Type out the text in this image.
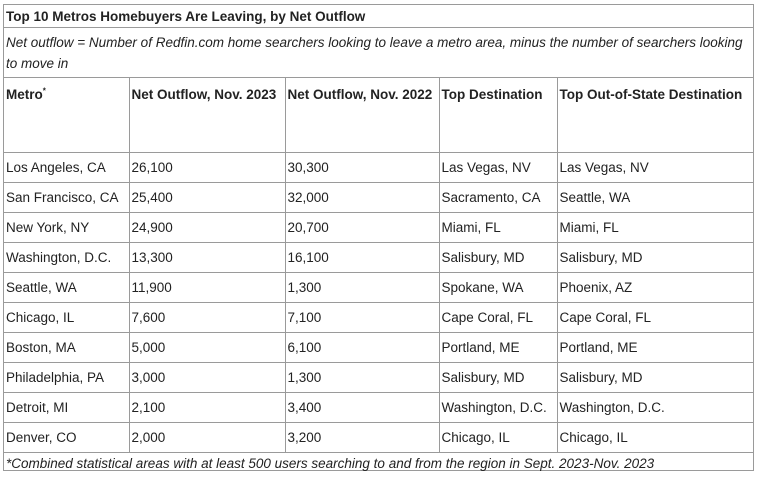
Top 10 Metros Homebuyers Are Leaving, by Net Outflow
Net outflow = Number of Redfin.com home searchers looking to leave a metro area, minus the number of searchers looking to move in
Metro*	Net Outflow, Nov. 2023	Net Outflow, Nov. 2022	Top Destination	Top Out-of-State Destination
Los Angeles, CA	26,100	30,300	Las Vegas, NV	Las Vegas, NV
San Francisco, CA	25,400	32,000	Sacramento, CA	Seattle, WA
New York, NY	24,900	20,700	Miami, FL	Miami, FL
Washington, D.C.	13,300	16,100	Salisbury, MD	Salisbury, MD
Seattle, WA	11,900	1,300	Spokane, WA	Phoenix, AZ
Chicago, IL	7,600	7,100	Cape Coral, FL	Cape Coral, FL
Boston, MA	5,000	6,100	Portland, ME	Portland, ME
Philadelphia, PA	3,000	1,300	Salisbury, MD	Salisbury, MD
Detroit, MI	2,100	3,400	Washington, D.C.	Washington, D.C.
Denver, CO	2,000	3,200	Chicago, IL	Chicago, IL
*Combined statistical areas with at least 500 users searching to and from the region in Sept. 2023-Nov. 2023
